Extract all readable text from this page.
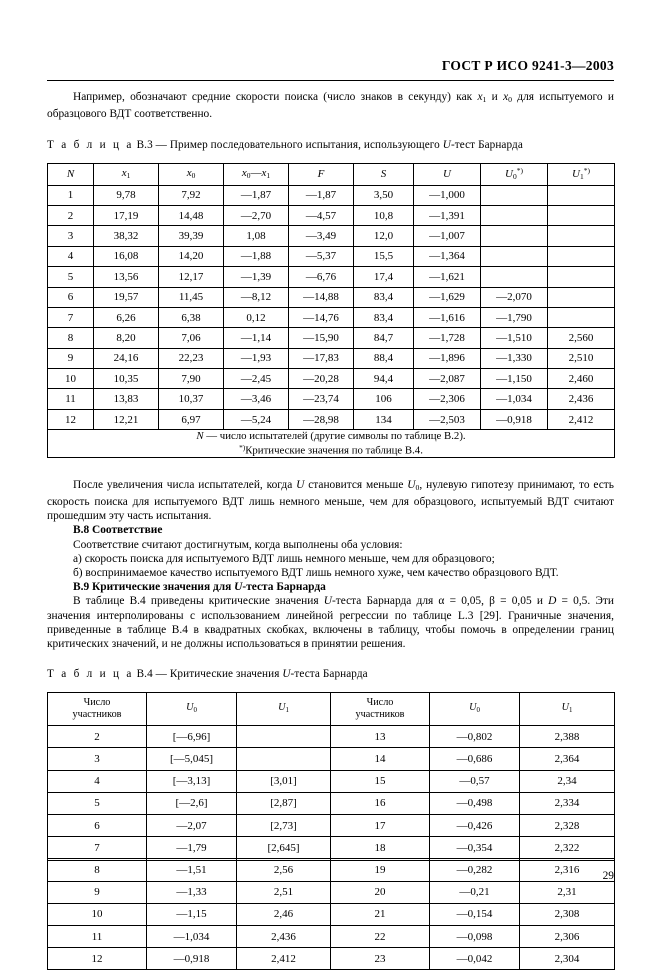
ГОСТ Р ИСО 9241-3—2003

Например, обозначают средние скорости поиска (число знаков в секунду) как $x_1$ и $x_0$ для испытуемого и образцового ВДТ соответственно.

Т а б л и ц а В.3 — Пример последовательного испытания, использующего U-тест Барнарда

N	$x_1$	$x_0$	$x_0—x_1$	F	S	U	$U_0^{*)}$	$U_1^{*)}$
1	9,78	7,92	—1,87	—1,87	3,50	—1,000		
2	17,19	14,48	—2,70	—4,57	10,8	—1,391		
3	38,32	39,39	1,08	—3,49	12,0	—1,007		
4	16,08	14,20	—1,88	—5,37	15,5	—1,364		
5	13,56	12,17	—1,39	—6,76	17,4	—1,621		
6	19,57	11,45	—8,12	—14,88	83,4	—1,629	—2,070	
7	6,26	6,38	0,12	—14,76	83,4	—1,616	—1,790	
8	8,20	7,06	—1,14	—15,90	84,7	—1,728	—1,510	2,560
9	24,16	22,23	—1,93	—17,83	88,4	—1,896	—1,330	2,510
10	10,35	7,90	—2,45	—20,28	94,4	—2,087	—1,150	2,460
11	13,83	10,37	—3,46	—23,74	106	—2,306	—1,034	2,436
12	12,21	6,97	—5,24	—28,98	134	—2,503	—0,918	2,412

N — число испытателей (другие символы по таблице В.2).
*)Критические значения по таблице В.4.								

После увеличения числа испытателей, когда U становится меньше $U_0$, нулевую гипотезу принимают, то есть скорость поиска для испытуемого ВДТ лишь немного меньше, чем для образцового, испытуемый ВДТ считают прошедшим эту часть испытания.

В.8 Соответствие

Соответствие считают достигнутым, когда выполнены оба условия:

а) скорость поиска для испытуемого ВДТ лишь немного меньше, чем для образцового;

б) воспринимаемое качество испытуемого ВДТ лишь немного хуже, чем качество образцового ВДТ.

В.9 Критические значения для U-теста Барнарда

В таблице В.4 приведены критические значения U-теста Барнарда для α = 0,05, β = 0,05 и D = 0,5. Эти значения интерполированы с использованием линейной регрессии по таблице L.3 [29]. Граничные значения, приведенные в таблице В.4 в квадратных скобках, включены в таблицу, чтобы помочь в определении границ критических значений, и не должны использоваться в принятии решения.

Т а б л и ц а В.4 — Критические значения U-теста Барнарда

Число
участников	$U_0$	$U_1$	Число
участников	$U_0$	$U_1$
2	[—6,96]		13	—0,802	2,388
3	[—5,045]		14	—0,686	2,364
4	[—3,13]	[3,01]	15	—0,57	2,34
5	[—2,6]	[2,87]	16	—0,498	2,334
6	—2,07	[2,73]	17	—0,426	2,328
7	—1,79	[2,645]	18	—0,354	2,322
8	—1,51	2,56	19	—0,282	2,316
9	—1,33	2,51	20	—0,21	2,31
10	—1,15	2,46	21	—0,154	2,308
11	—1,034	2,436	22	—0,098	2,306
12	—0,918	2,412	23	—0,042	2,304
29
